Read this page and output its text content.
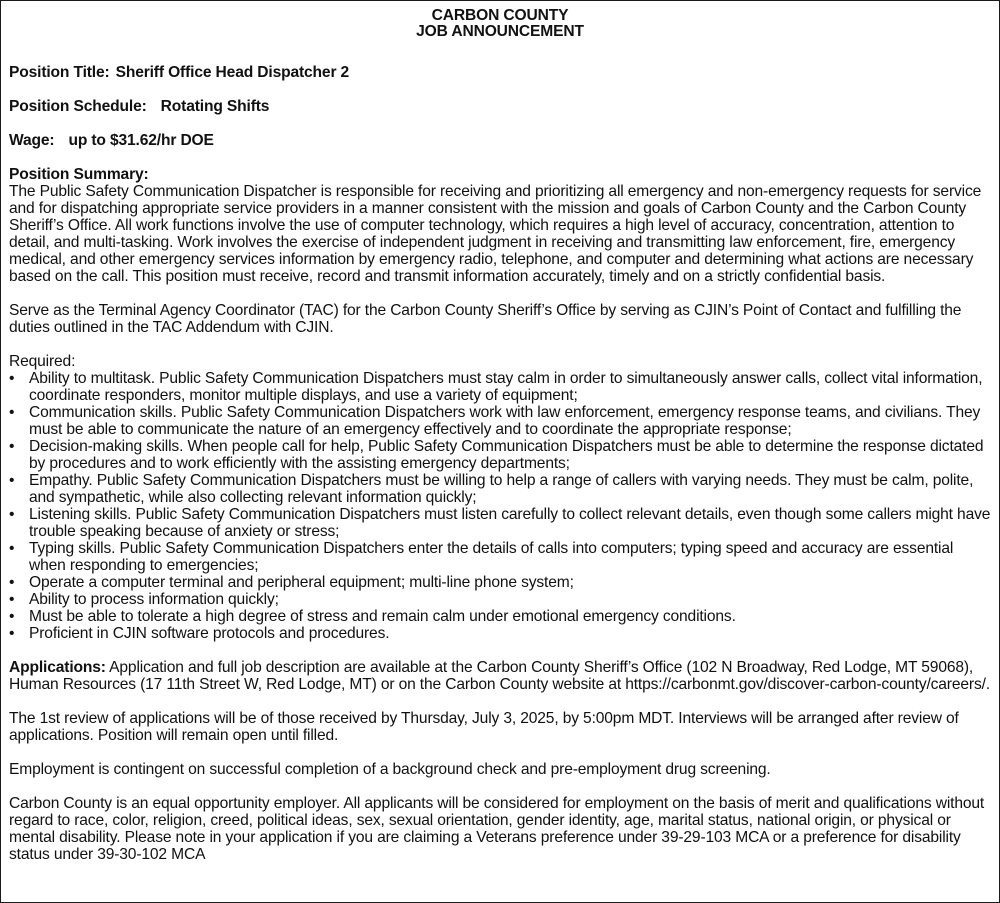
CARBON COUNTY
JOB ANNOUNCEMENT

Position Title: Sheriff Office Head Dispatcher 2

Position Schedule: Rotating Shifts

Wage: up to $31.62/hr DOE

Position Summary:
The Public Safety Communication Dispatcher is responsible for receiving and prioritizing all emergency and non-emergency requests for service and for dispatching appropriate service providers in a manner consistent with the mission and goals of Carbon County and the Carbon County Sheriff’s Office. All work functions involve the use of computer technology, which requires a high level of accuracy, concentration, attention to detail, and multi-tasking. Work involves the exercise of independent judgment in receiving and transmitting law enforcement, fire, emergency medical, and other emergency services information by emergency radio, telephone, and computer and determining what actions are necessary based on the call. This position must receive, record and transmit information accurately, timely and on a strictly confidential basis.

Serve as the Terminal Agency Coordinator (TAC) for the Carbon County Sheriff’s Office by serving as CJIN’s Point of Contact and fulfilling the duties outlined in the TAC Addendum with CJIN.

Required:

• Ability to multitask. Public Safety Communication Dispatchers must stay calm in order to simultaneously answer calls, collect vital information, coordinate responders, monitor multiple displays, and use a variety of equipment;
• Communication skills. Public Safety Communication Dispatchers work with law enforcement, emergency response teams, and civilians. They must be able to communicate the nature of an emergency effectively and to coordinate the appropriate response;
• Decision-making skills. When people call for help, Public Safety Communication Dispatchers must be able to determine the response dictated by procedures and to work efficiently with the assisting emergency departments;
• Empathy. Public Safety Communication Dispatchers must be willing to help a range of callers with varying needs. They must be calm, polite, and sympathetic, while also collecting relevant information quickly;
• Listening skills. Public Safety Communication Dispatchers must listen carefully to collect relevant details, even though some callers might have trouble speaking because of anxiety or stress;
• Typing skills. Public Safety Communication Dispatchers enter the details of calls into computers; typing speed and accuracy are essential when responding to emergencies;
• Operate a computer terminal and peripheral equipment; multi-line phone system;
• Ability to process information quickly;
• Must be able to tolerate a high degree of stress and remain calm under emotional emergency conditions.
• Proficient in CJIN software protocols and procedures.

Applications: Application and full job description are available at the Carbon County Sheriff’s Office (102 N Broadway, Red Lodge, MT 59068), Human Resources (17 11th Street W, Red Lodge, MT) or on the Carbon County website at https://carbonmt.gov/discover-carbon-county/careers/.

The 1st review of applications will be of those received by Thursday, July 3, 2025, by 5:00pm MDT. Interviews will be arranged after review of applications. Position will remain open until filled.

Employment is contingent on successful completion of a background check and pre-employment drug screening.

Carbon County is an equal opportunity employer. All applicants will be considered for employment on the basis of merit and qualifications without regard to race, color, religion, creed, political ideas, sex, sexual orientation, gender identity, age, marital status, national origin, or physical or mental disability. Please note in your application if you are claiming a Veterans preference under 39-29-103 MCA or a preference for disability status under 39-30-102 MCA
